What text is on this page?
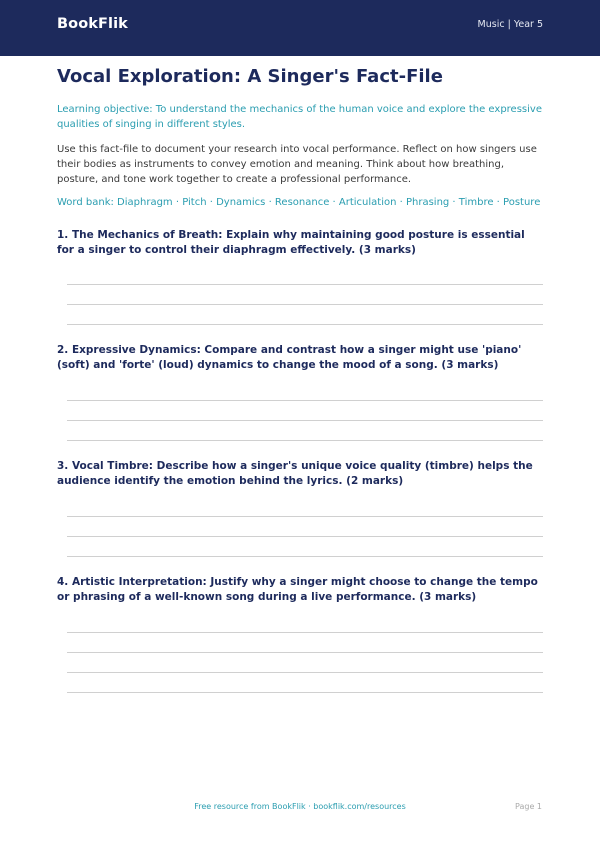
BookFlik	Music | Year 5
Vocal Exploration: A Singer's Fact-File
Learning objective: To understand the mechanics of the human voice and explore the expressive qualities of singing in different styles.
Use this fact-file to document your research into vocal performance. Reflect on how singers use their bodies as instruments to convey emotion and meaning. Think about how breathing, posture, and tone work together to create a professional performance.
Word bank: Diaphragm · Pitch · Dynamics · Resonance · Articulation · Phrasing · Timbre · Posture
1. The Mechanics of Breath: Explain why maintaining good posture is essential for a singer to control their diaphragm effectively. (3 marks)
2. Expressive Dynamics: Compare and contrast how a singer might use 'piano' (soft) and 'forte' (loud) dynamics to change the mood of a song. (3 marks)
3. Vocal Timbre: Describe how a singer's unique voice quality (timbre) helps the audience identify the emotion behind the lyrics. (2 marks)
4. Artistic Interpretation: Justify why a singer might choose to change the tempo or phrasing of a well-known song during a live performance. (3 marks)
Free resource from BookFlik · bookflik.com/resources	Page 1
